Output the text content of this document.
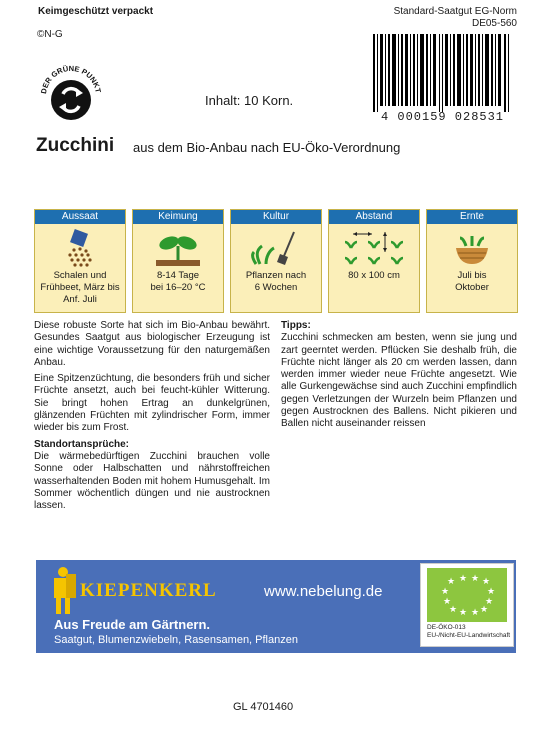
Keimgeschützt verpackt
©N-G
Standard-Saatgut EG-Norm
DE05-560
DER GRÜNE PUNKT
Inhalt: 10 Korn.
4 000159 028531
Zucchini aus dem Bio-Anbau nach EU-Öko-Verordnung
Aussaat
Schalen und
Frühbeet, März bis
Anf. Juli
Keimung
8-14 Tage
bei 16–20 °C
Kultur
Pflanzen nach
6 Wochen
Abstand
80 x 100 cm
Ernte
Juli bis
Oktober

Diese robuste Sorte hat sich im Bio-Anbau bewährt. Gesundes Saatgut aus biologischer Erzeugung ist eine wichtige Voraussetzung für den naturgemäßen Anbau.

Eine Spitzenzüchtung, die besonders früh und sicher Früchte ansetzt, auch bei feucht-kühler Witterung. Sie bringt hohen Ertrag an dunkelgrünen, glänzenden Früchten mit zylindrischer Form, immer wieder bis zum Frost.

Standortansprüche:

Die wärmebedürftigen Zucchini brauchen volle Sonne oder Halbschatten und nährstoffreichen wasserhaltenden Boden mit hohem Humusgehalt. Im Sommer wöchentlich düngen und nie austrocknen lassen.

Tipps:

Zucchini schmecken am besten, wenn sie jung und zart geerntet werden. Pflücken Sie deshalb früh, die Früchte nicht länger als 20 cm werden lassen, dann werden immer wieder neue Früchte angesetzt. Wie alle Gurkengewächse sind auch Zucchini empfindlich gegen Verletzungen der Wurzeln beim Pflanzen und gegen Austrocknen des Ballens. Nicht pikieren und Ballen nicht auseinander reissen

KIEPENKERL	www.nebelung.de
Aus Freude am Gärtnern.
Saatgut, Blumenzwiebeln, Rasensamen, Pflanzen
★ ★ ★ ★
★	★
★	★
★ ★ ★ ★
DE-ÖKO-013
EU-/Nicht-EU-Landwirtschaft
GL 4701460
